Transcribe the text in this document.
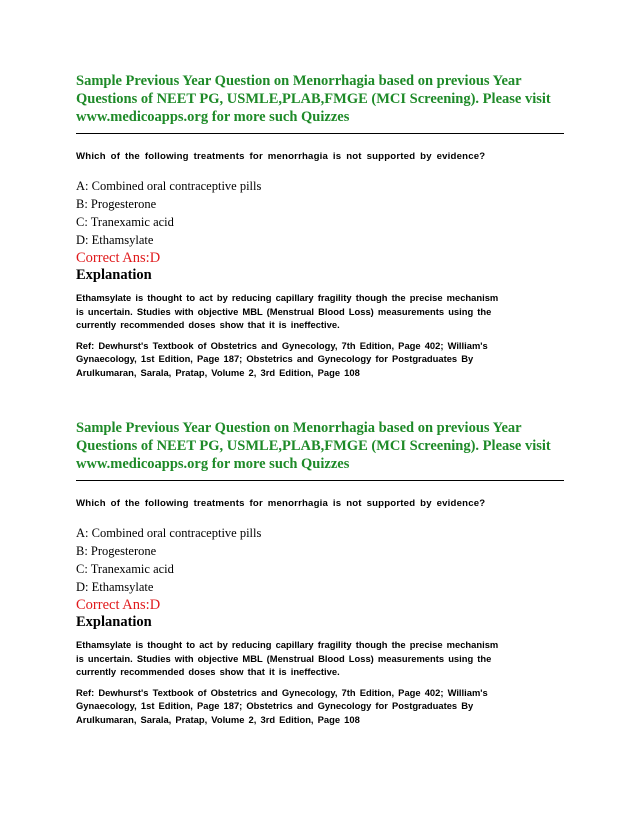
Sample Previous Year Question on Menorrhagia based on previous Year
Questions of NEET PG, USMLE,PLAB,FMGE (MCI Screening). Please visit
www.medicoapps.org for more such Quizzes
Which of the following treatments for menorrhagia is not supported by evidence?
A: Combined oral contraceptive pills
B: Progesterone
C: Tranexamic acid
D: Ethamsylate
Correct Ans:D
Explanation
Ethamsylate is thought to act by reducing capillary fragility though the precise mechanism
is uncertain. Studies with objective MBL (Menstrual Blood Loss) measurements using the
currently recommended doses show that it is ineffective.
Ref: Dewhurst's Textbook of Obstetrics and Gynecology, 7th Edition, Page 402; William's
Gynaecology, 1st Edition, Page 187; Obstetrics and Gynecology for Postgraduates By
Arulkumaran, Sarala, Pratap, Volume 2, 3rd Edition, Page 108
Sample Previous Year Question on Menorrhagia based on previous Year
Questions of NEET PG, USMLE,PLAB,FMGE (MCI Screening). Please visit
www.medicoapps.org for more such Quizzes
Which of the following treatments for menorrhagia is not supported by evidence?
A: Combined oral contraceptive pills
B: Progesterone
C: Tranexamic acid
D: Ethamsylate
Correct Ans:D
Explanation
Ethamsylate is thought to act by reducing capillary fragility though the precise mechanism
is uncertain. Studies with objective MBL (Menstrual Blood Loss) measurements using the
currently recommended doses show that it is ineffective.
Ref: Dewhurst's Textbook of Obstetrics and Gynecology, 7th Edition, Page 402; William's
Gynaecology, 1st Edition, Page 187; Obstetrics and Gynecology for Postgraduates By
Arulkumaran, Sarala, Pratap, Volume 2, 3rd Edition, Page 108
